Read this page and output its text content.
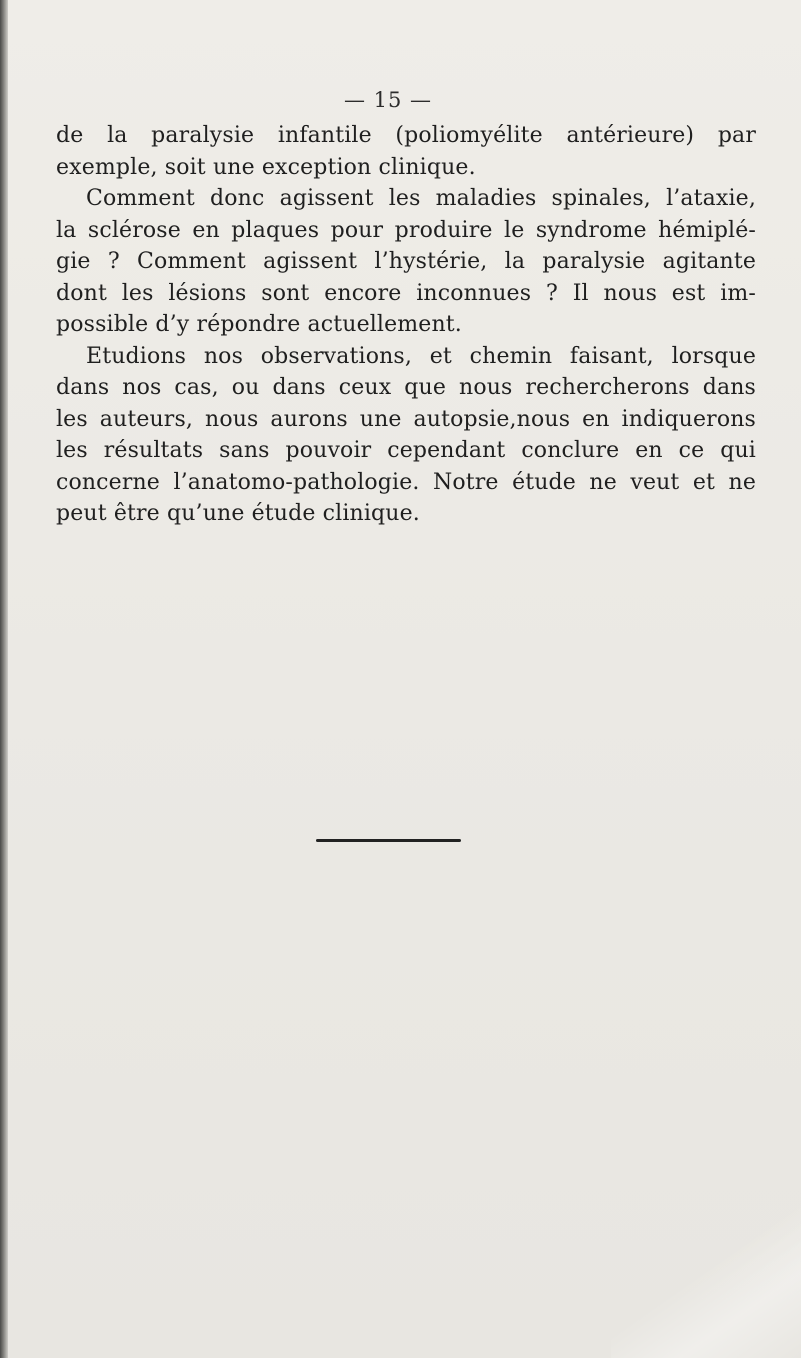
— 15 —
de la paralysie infantile (poliomyélite antérieure) par
exemple, soit une exception clinique.
Comment donc agissent les maladies spinales, l’ataxie,
la sclérose en plaques pour produire le syndrome hémiplé-
gie ? Comment agissent l’hystérie, la paralysie agitante
dont les lésions sont encore inconnues ? Il nous est im-
possible d’y répondre actuellement.
Etudions nos observations, et chemin faisant, lorsque
dans nos cas, ou dans ceux que nous rechercherons dans
les auteurs, nous aurons une autopsie,nous en indiquerons
les résultats sans pouvoir cependant conclure en ce qui
concerne l’anatomo-pathologie. Notre étude ne veut et ne
peut être qu’une étude clinique.
